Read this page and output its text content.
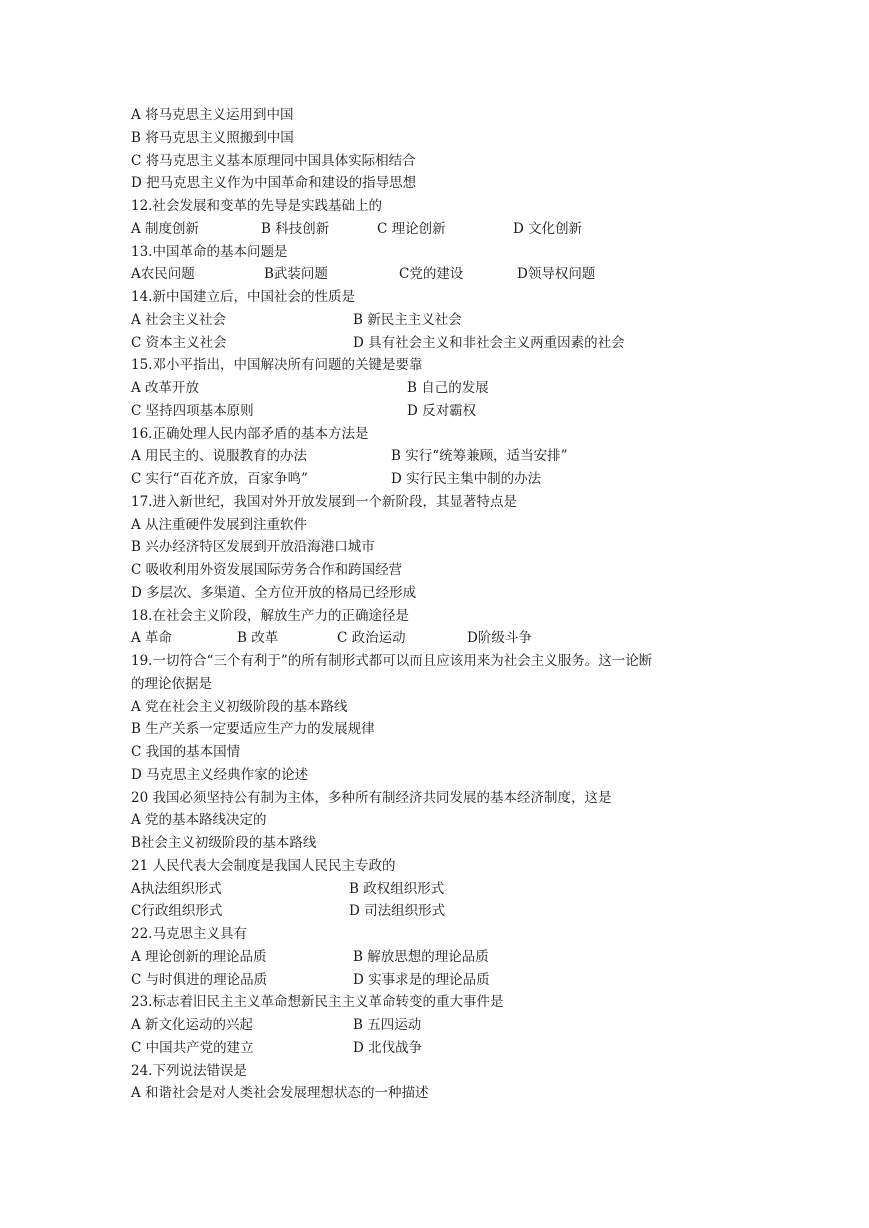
A 将马克思主义运用到中国
B 将马克思主义照搬到中国
C 将马克思主义基本原理同中国具体实际相结合
D 把马克思主义作为中国革命和建设的指导思想
12.社会发展和变革的先导是实践基础上的
A 制度创新	B 科技创新	C 理论创新	D 文化创新
13.中国革命的基本问题是
A农民问题	B武装问题	C党的建设	D领导权问题
14.新中国建立后，中国社会的性质是
A 社会主义社会	B 新民主主义社会
C 资本主义社会	D 具有社会主义和非社会主义两重因素的社会
15.邓小平指出，中国解决所有问题的关键是要靠
A 改革开放	B 自己的发展
C 坚持四项基本原则	D 反对霸权
16.正确处理人民内部矛盾的基本方法是
A 用民主的、说服教育的办法	B 实行“统筹兼顾，适当安排”
C 实行“百花齐放，百家争鸣”	D 实行民主集中制的办法
17.进入新世纪，我国对外开放发展到一个新阶段，其显著特点是
A 从注重硬件发展到注重软件
B 兴办经济特区发展到开放沿海港口城市
C 吸收利用外资发展国际劳务合作和跨国经营
D 多层次、多渠道、全方位开放的格局已经形成
18.在社会主义阶段，解放生产力的正确途径是
A 革命	B 改革	C 政治运动	D阶级斗争
19.一切符合“三个有利于”的所有制形式都可以而且应该用来为社会主义服务。这一论断
的理论依据是
A 党在社会主义初级阶段的基本路线
B 生产关系一定要适应生产力的发展规律
C 我国的基本国情
D 马克思主义经典作家的论述
20 我国必须坚持公有制为主体，多种所有制经济共同发展的基本经济制度，这是
A 党的基本路线决定的
B社会主义初级阶段的基本路线
21 人民代表大会制度是我国人民民主专政的
A执法组织形式	B 政权组织形式
C行政组织形式	D 司法组织形式
22.马克思主义具有
A 理论创新的理论品质	B 解放思想的理论品质
C 与时俱进的理论品质	D 实事求是的理论品质
23.标志着旧民主主义革命想新民主主义革命转变的重大事件是
A 新文化运动的兴起	B 五四运动
C 中国共产党的建立	D 北伐战争
24.下列说法错误是
A 和谐社会是对人类社会发展理想状态的一种描述
